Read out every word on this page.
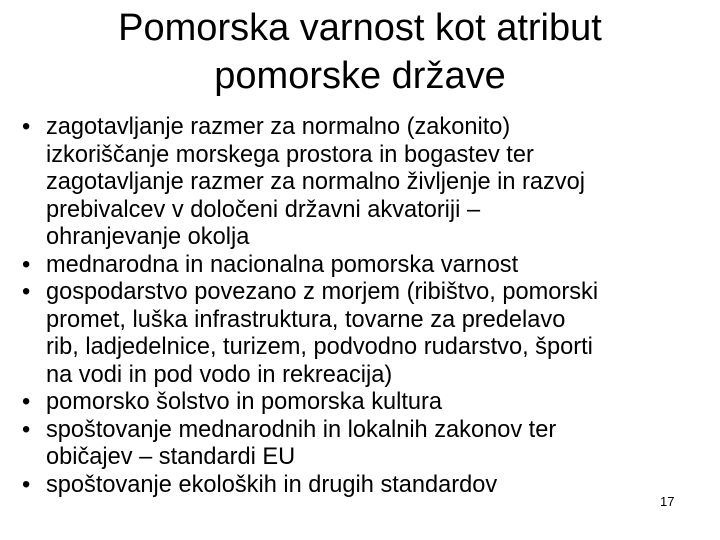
Pomorska varnost kot atribut
pomorske države
• zagotavljanje razmer za normalno (zakonito)
izkoriščanje morskega prostora in bogastev ter
zagotavljanje razmer za normalno življenje in razvoj
prebivalcev v določeni državni akvatoriji –
ohranjevanje okolja
• mednarodna in nacionalna pomorska varnost
• gospodarstvo povezano z morjem (ribištvo, pomorski
promet, luška infrastruktura, tovarne za predelavo
rib, ladjedelnice, turizem, podvodno rudarstvo, športi
na vodi in pod vodo in rekreacija)
• pomorsko šolstvo in pomorska kultura
• spoštovanje mednarodnih in lokalnih zakonov ter
običajev – standardi EU
• spoštovanje ekoloških in drugih standardov
17
